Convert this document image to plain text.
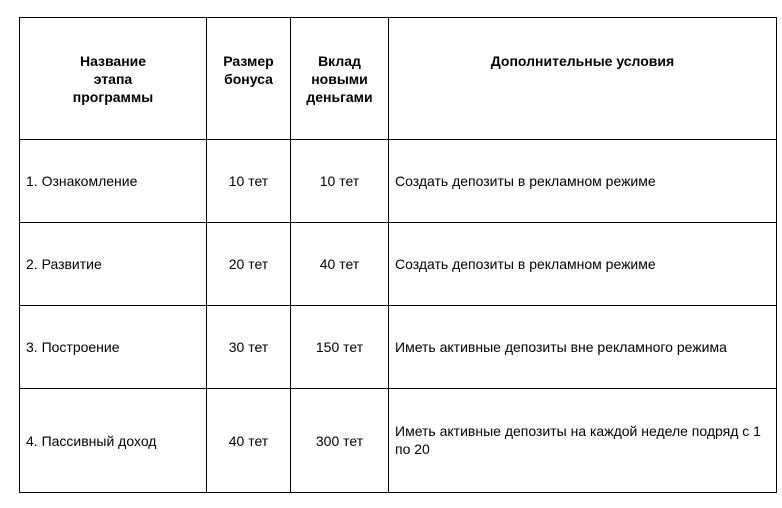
Название этапа программы	Размер бонуса	Вклад новыми деньгами	Дополнительные условия

1. Ознакомление	10 тет	10 тет	Создать депозиты в рекламном режиме
2. Развитие	20 тет	40 тет	Создать депозиты в рекламном режиме
3. Построение	30 тет	150 тет	Иметь активные депозиты вне рекламного режима
4. Пассивный доход	40 тет	300 тет	Иметь активные депозиты на каждой неделе подряд с 1 по 20
